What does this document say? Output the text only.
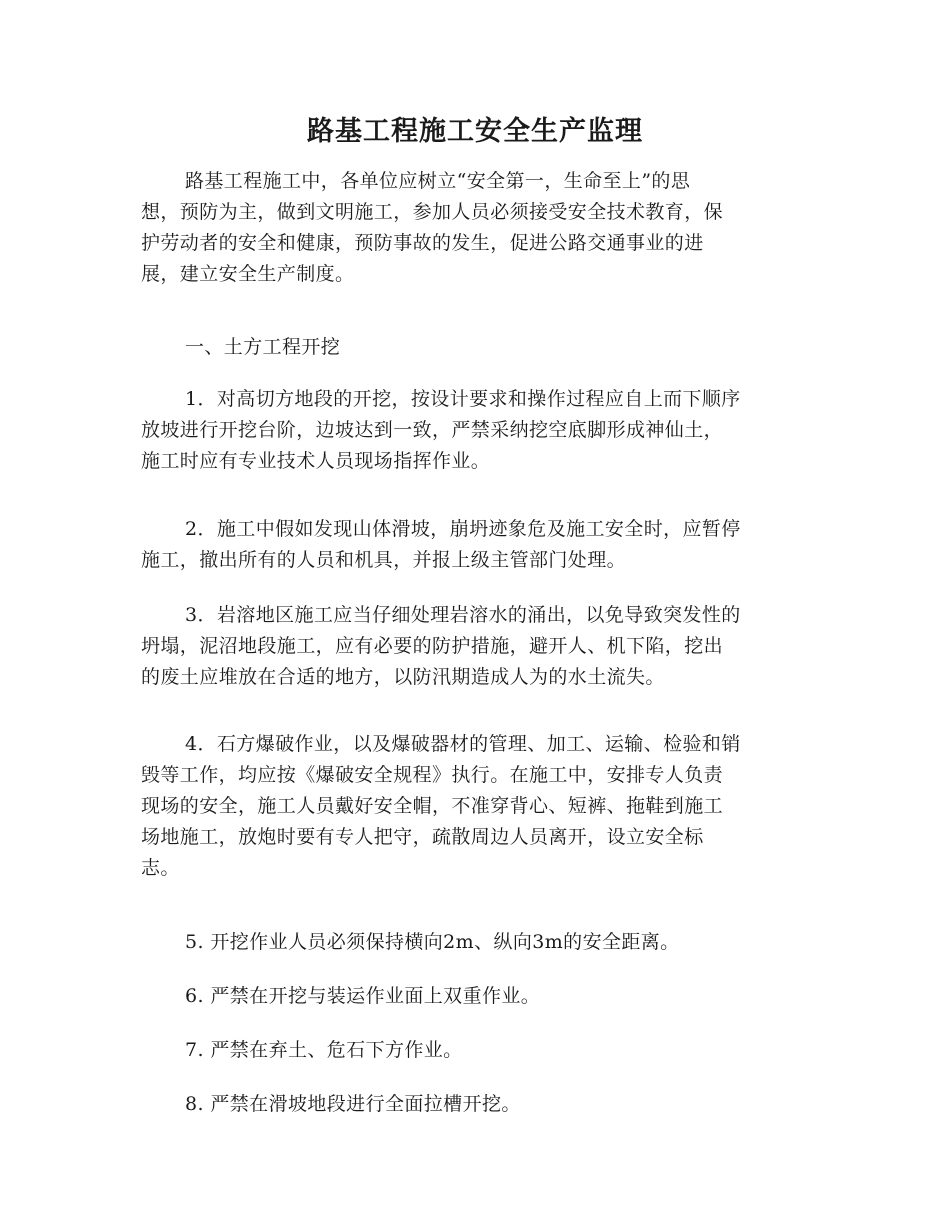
路基工程施工安全生产监理
路基工程施工中，各单位应树立“安全第一，生命至上”的思
想，预防为主，做到文明施工，参加人员必须接受安全技术教育，保
护劳动者的安全和健康，预防事故的发生，促进公路交通事业的进
展，建立安全生产制度。
一、土方工程开挖
1．对高切方地段的开挖，按设计要求和操作过程应自上而下顺序
放坡进行开挖台阶，边坡达到一致，严禁采纳挖空底脚形成神仙土，
施工时应有专业技术人员现场指挥作业。
2．施工中假如发现山体滑坡，崩坍迹象危及施工安全时，应暂停
施工，撤出所有的人员和机具，并报上级主管部门处理。
3．岩溶地区施工应当仔细处理岩溶水的涌出，以免导致突发性的
坍塌，泥沼地段施工，应有必要的防护措施，避开人、机下陷，挖出
的废土应堆放在合适的地方，以防汛期造成人为的水土流失。
4．石方爆破作业，以及爆破器材的管理、加工、运输、检验和销
毁等工作，均应按《爆破安全规程》执行。在施工中，安排专人负责
现场的安全，施工人员戴好安全帽，不准穿背心、短裤、拖鞋到施工
场地施工，放炮时要有专人把守，疏散周边人员离开，设立安全标
志。
5. 开挖作业人员必须保持横向2m、纵向3m的安全距离。
6. 严禁在开挖与装运作业面上双重作业。
7. 严禁在弃土、危石下方作业。
8. 严禁在滑坡地段进行全面拉槽开挖。
